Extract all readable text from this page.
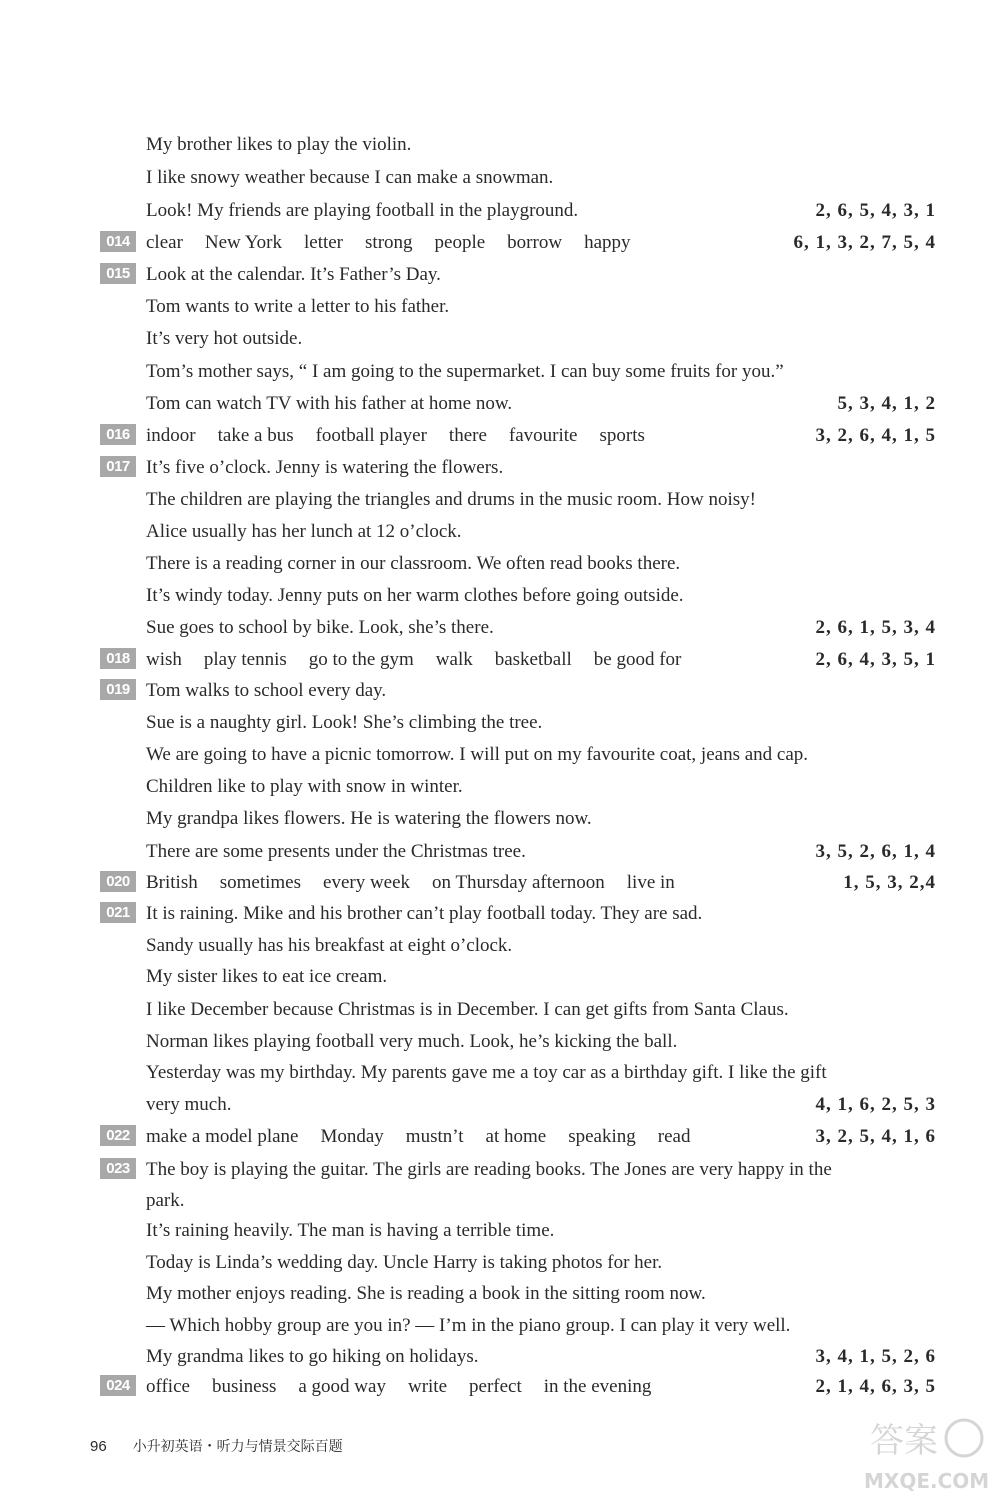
My brother likes to play the violin.
I like snowy weather because I can make a snowman.
Look! My friends are playing football in the playground.	2, 6, 5, 4, 3, 1
014 clear New York letter strong people borrow happy	6, 1, 3, 2, 7, 5, 4
015 Look at the calendar. It’s Father’s Day.
Tom wants to write a letter to his father.
It’s very hot outside.
Tom’s mother says, “ I am going to the supermarket. I can buy some fruits for you.”
Tom can watch TV with his father at home now.	5, 3, 4, 1, 2
016 indoor take a bus football player there favourite sports	3, 2, 6, 4, 1, 5
017 It’s five o’clock. Jenny is watering the flowers.
The children are playing the triangles and drums in the music room. How noisy!
Alice usually has her lunch at 12 o’clock.
There is a reading corner in our classroom. We often read books there.
It’s windy today. Jenny puts on her warm clothes before going outside.
Sue goes to school by bike. Look, she’s there.	2, 6, 1, 5, 3, 4
018 wish play tennis go to the gym walk basketball be good for	2, 6, 4, 3, 5, 1
019 Tom walks to school every day.
Sue is a naughty girl. Look! She’s climbing the tree.
We are going to have a picnic tomorrow. I will put on my favourite coat, jeans and cap.
Children like to play with snow in winter.
My grandpa likes flowers. He is watering the flowers now.
There are some presents under the Christmas tree.	3, 5, 2, 6, 1, 4
020 British sometimes every week on Thursday afternoon live in	1, 5, 3, 2,4
021 It is raining. Mike and his brother can’t play football today. They are sad.
Sandy usually has his breakfast at eight o’clock.
My sister likes to eat ice cream.
I like December because Christmas is in December. I can get gifts from Santa Claus.
Norman likes playing football very much. Look, he’s kicking the ball.
Yesterday was my birthday. My parents gave me a toy car as a birthday gift. I like the gift
very much.	4, 1, 6, 2, 5, 3
022 make a model plane Monday mustn’t at home speaking read	3, 2, 5, 4, 1, 6
023 The boy is playing the guitar. The girls are reading books. The Jones are very happy in the
park.
It’s raining heavily. The man is having a terrible time.
Today is Linda’s wedding day. Uncle Harry is taking photos for her.
My mother enjoys reading. She is reading a book in the sitting room now.
— Which hobby group are you in? — I’m in the piano group. I can play it very well.
My grandma likes to go hiking on holidays.	3, 4, 1, 5, 2, 6
024 office business a good way write perfect in the evening	2, 1, 4, 6, 3, 5
96 小升初英语・听力与情景交际百题	答案
MXQE.COM
